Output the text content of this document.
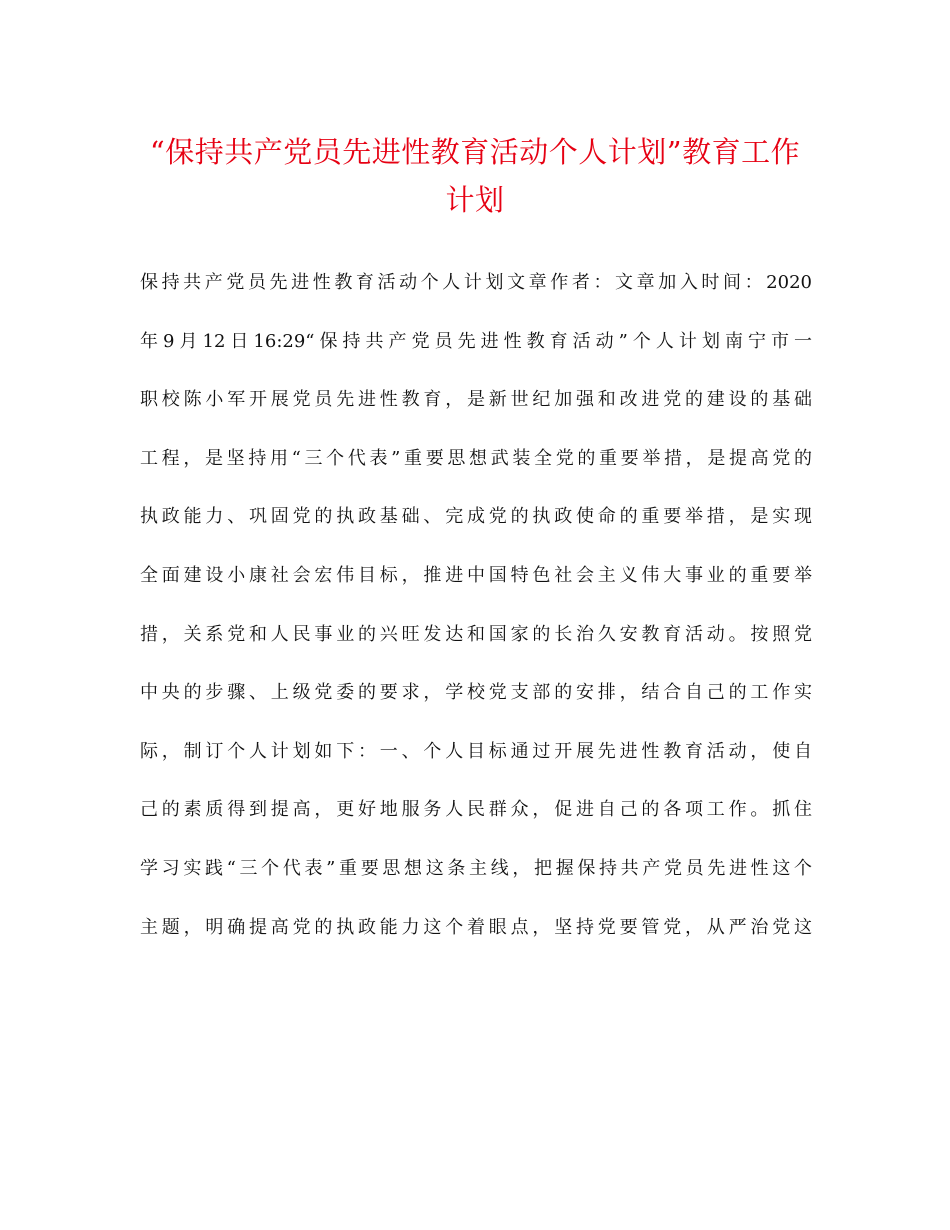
“保持共产党员先进性教育活动个人计划”教育工作计划
保持共产党员先进性教育活动个人计划文章作者：文章加入时间：2020
年9月12日16:29“保持共产党员先进性教育活动”个人计划南宁市一
职校陈小军开展党员先进性教育，是新世纪加强和改进党的建设的基础
工程，是坚持用“三个代表”重要思想武装全党的重要举措，是提高党的
执政能力、巩固党的执政基础、完成党的执政使命的重要举措，是实现
全面建设小康社会宏伟目标，推进中国特色社会主义伟大事业的重要举
措，关系党和人民事业的兴旺发达和国家的长治久安教育活动。按照党
中央的步骤、上级党委的要求，学校党支部的安排，结合自己的工作实
际，制订个人计划如下：一、个人目标通过开展先进性教育活动，使自
己的素质得到提高，更好地服务人民群众，促进自己的各项工作。抓住
学习实践“三个代表”重要思想这条主线，把握保持共产党员先进性这个
主题，明确提高党的执政能力这个着眼点，坚持党要管党，从严治党这
